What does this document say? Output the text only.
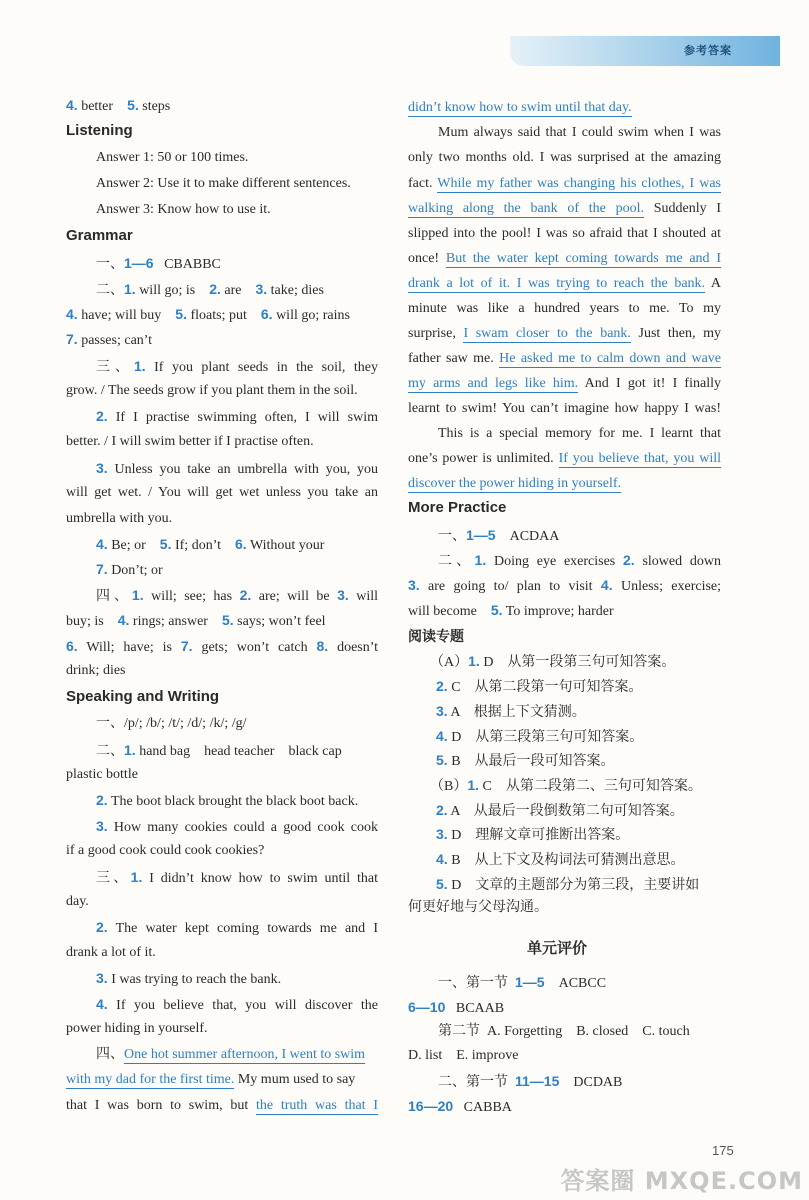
参考答案
4. better 5. steps
Listening
Answer 1: 50 or 100 times.
Answer 2: Use it to make different sentences.
Answer 3: Know how to use it.
Grammar
一、1—6 CBABBC
二、1. will go; is 2. are 3. take; dies
4. have; will buy 5. floats; put 6. will go; rains
7. passes; can’t
三、1. If you plant seeds in the soil, they
grow. / The seeds grow if you plant them in the soil.
2. If I practise swimming often, I will swim
better. / I will swim better if I practise often.
3. Unless you take an umbrella with you, you
will get wet. / You will get wet unless you take an
umbrella with you.
4. Be; or 5. If; don’t 6. Without your
7. Don’t; or
四、1. will; see; has 2. are; will be 3. will
buy; is 4. rings; answer 5. says; won’t feel
6. Will; have; is 7. gets; won’t catch 8. doesn’t
drink; dies
Speaking and Writing
一、/p/; /b/; /t/; /d/; /k/; /g/
二、1. hand bag    head teacher    black cap
plastic bottle
2. The boot black brought the black boot back.
3. How many cookies could a good cook cook
if a good cook could cook cookies?
三、1. I didn’t know how to swim until that
day.
2. The water kept coming towards me and I
drank a lot of it.
3. I was trying to reach the bank.
4. If you believe that, you will discover the
power hiding in yourself.
四、One hot summer afternoon, I went to swim
with my dad for the first time. My mum used to say
that I was born to swim, but the truth was that I
didn’t know how to swim until that day.
Mum always said that I could swim when I was
only two months old. I was surprised at the amazing
fact. While my father was changing his clothes, I was
walking along the bank of the pool. Suddenly I
slipped into the pool! I was so afraid that I shouted at
once! But the water kept coming towards me and I
drank a lot of it. I was trying to reach the bank. A
minute was like a hundred years to me. To my
surprise, I swam closer to the bank. Just then, my
father saw me. He asked me to calm down and wave
my arms and legs like him. And I got it! I finally
learnt to swim! You can’t imagine how happy I was!
This is a special memory for me. I learnt that
one’s power is unlimited. If you believe that, you will
discover the power hiding in yourself.
More Practice
一、1—5 ACDAA
二、1. Doing eye exercises 2. slowed down
3. are going to/ plan to visit 4. Unless; exercise;
will become 5. To improve; harder
阅读专题
（A）1. D　从第一段第三句可知答案。
2. C　从第二段第一句可知答案。
3. A　根据上下文猜测。
4. D　从第三段第三句可知答案。
5. B　从最后一段可知答案。
（B）1. C　从第二段第二、三句可知答案。
2. A　从最后一段倒数第二句可知答案。
3. D　理解文章可推断出答案。
4. B　从上下文及构词法可猜测出意思。
5. D　文章的主题部分为第三段，主要讲如
何更好地与父母沟通。
单元评价
一、第一节 1—5 ACBCC
6—10 BCAAB
第二节 A. Forgetting　B. closed　C. touch
D. list　E. improve
二、第一节 11—15 DCDAB
16—20 CABBA
175
答案圈 MXQE.COM
